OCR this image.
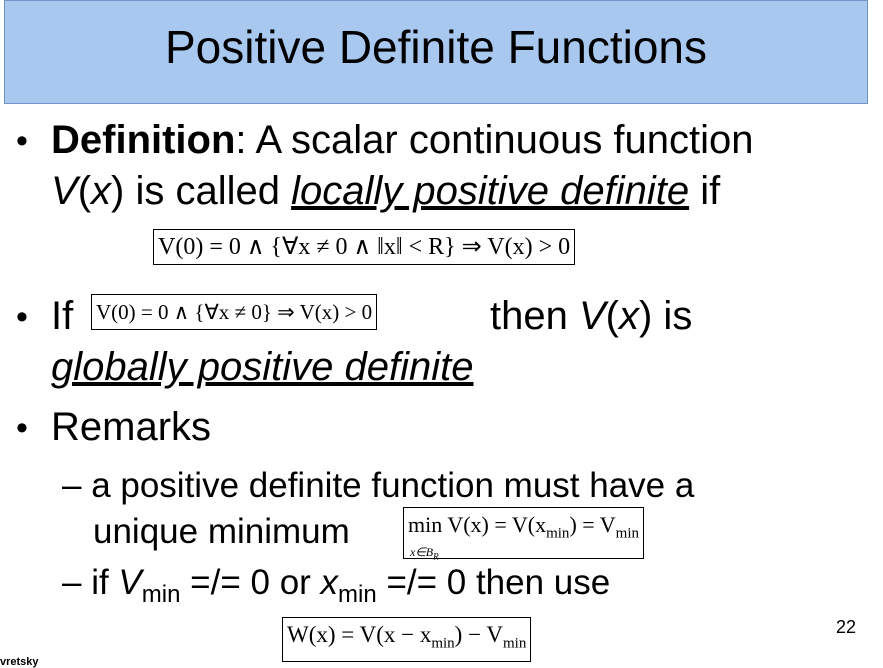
Positive Definite Functions
• Definition: A scalar continuous function
V(x) is called locally positive definite if
V(0) = 0 ∧ {∀x ≠ 0 ∧ ‖x‖ < R} ⇒ V(x) > 0
• If V(0) = 0 ∧ {∀x ≠ 0} ⇒ V(x) > 0	then V(x) is
globally positive definite
• Remarks
– a positive definite function must have a
unique minimum	$\min V(x) = V(x_{min}) = V_{min}$
$x\in B_R$
– if $V_{min}$ =/= 0 or $x_{min}$ =/= 0 then use
$W(x) = V(x - x_{min}) - V_{min}$
22
vretsky
